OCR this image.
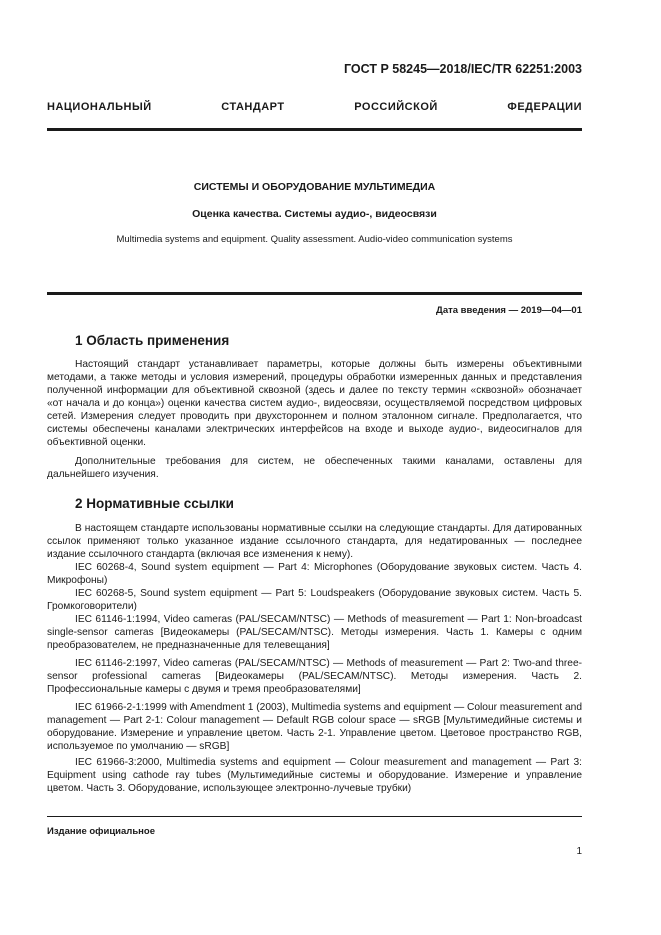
ГОСТ Р 58245—2018/IEC/TR 62251:2003
НАЦИОНАЛЬНЫЙ СТАНДАРТ РОССИЙСКОЙ ФЕДЕРАЦИИ
СИСТЕМЫ И ОБОРУДОВАНИЕ МУЛЬТИМЕДИА
Оценка качества. Системы аудио-, видеосвязи
Multimedia systems and equipment. Quality assessment. Audio-video communication systems
Дата введения — 2019—04—01
1 Область применения

Настоящий стандарт устанавливает параметры, которые должны быть измерены объективными методами, а также методы и условия измерений, процедуры обработки измеренных данных и представления полученной информации для объективной сквозной (здесь и далее по тексту термин «сквозной» обозначает «от начала и до конца») оценки качества систем аудио-, видеосвязи, осуществляемой посредством цифровых сетей. Измерения следует проводить при двухстороннем и полном эталонном сигнале. Предполагается, что системы обеспечены каналами электрических интерфейсов на входе и выходе аудио-, видеосигналов для объективной оценки.

Дополнительные требования для систем, не обеспеченных такими каналами, оставлены для дальнейшего изучения.

2 Нормативные ссылки

В настоящем стандарте использованы нормативные ссылки на следующие стандарты. Для датированных ссылок применяют только указанное издание ссылочного стандарта, для недатированных — последнее издание ссылочного стандарта (включая все изменения к нему).

IEC 60268-4, Sound system equipment — Part 4: Microphones (Оборудование звуковых систем. Часть 4. Микрофоны)

IEC 60268-5, Sound system equipment — Part 5: Loudspeakers (Оборудование звуковых систем. Часть 5. Громкоговорители)

IEC 61146-1:1994, Video cameras (PAL/SECAM/NTSC) — Methods of measurement — Part 1: Non-broadcast single-sensor cameras [Видеокамеры (PAL/SECAM/NTSC). Методы измерения. Часть 1. Камеры с одним преобразователем, не предназначенные для телевещания]

IEC 61146-2:1997, Video cameras (PAL/SECAM/NTSC) — Methods of measurement — Part 2: Two-and three-sensor professional cameras [Видеокамеры (PAL/SECAM/NTSC). Методы измерения. Часть 2. Профессиональные камеры с двумя и тремя преобразователями]

IEC 61966-2-1:1999 with Amendment 1 (2003), Multimedia systems and equipment — Colour measurement and management — Part 2-1: Colour management — Default RGB colour space — sRGB [Мультимедийные системы и оборудование. Измерение и управление цветом. Часть 2-1. Управление цветом. Цветовое пространство RGB, используемое по умолчанию — sRGB]

IEC 61966-3:2000, Multimedia systems and equipment — Colour measurement and management — Part 3: Equipment using cathode ray tubes (Мультимедийные системы и оборудование. Измерение и управление цветом. Часть 3. Оборудование, использующее электронно-лучевые трубки)

Издание официальное
1
